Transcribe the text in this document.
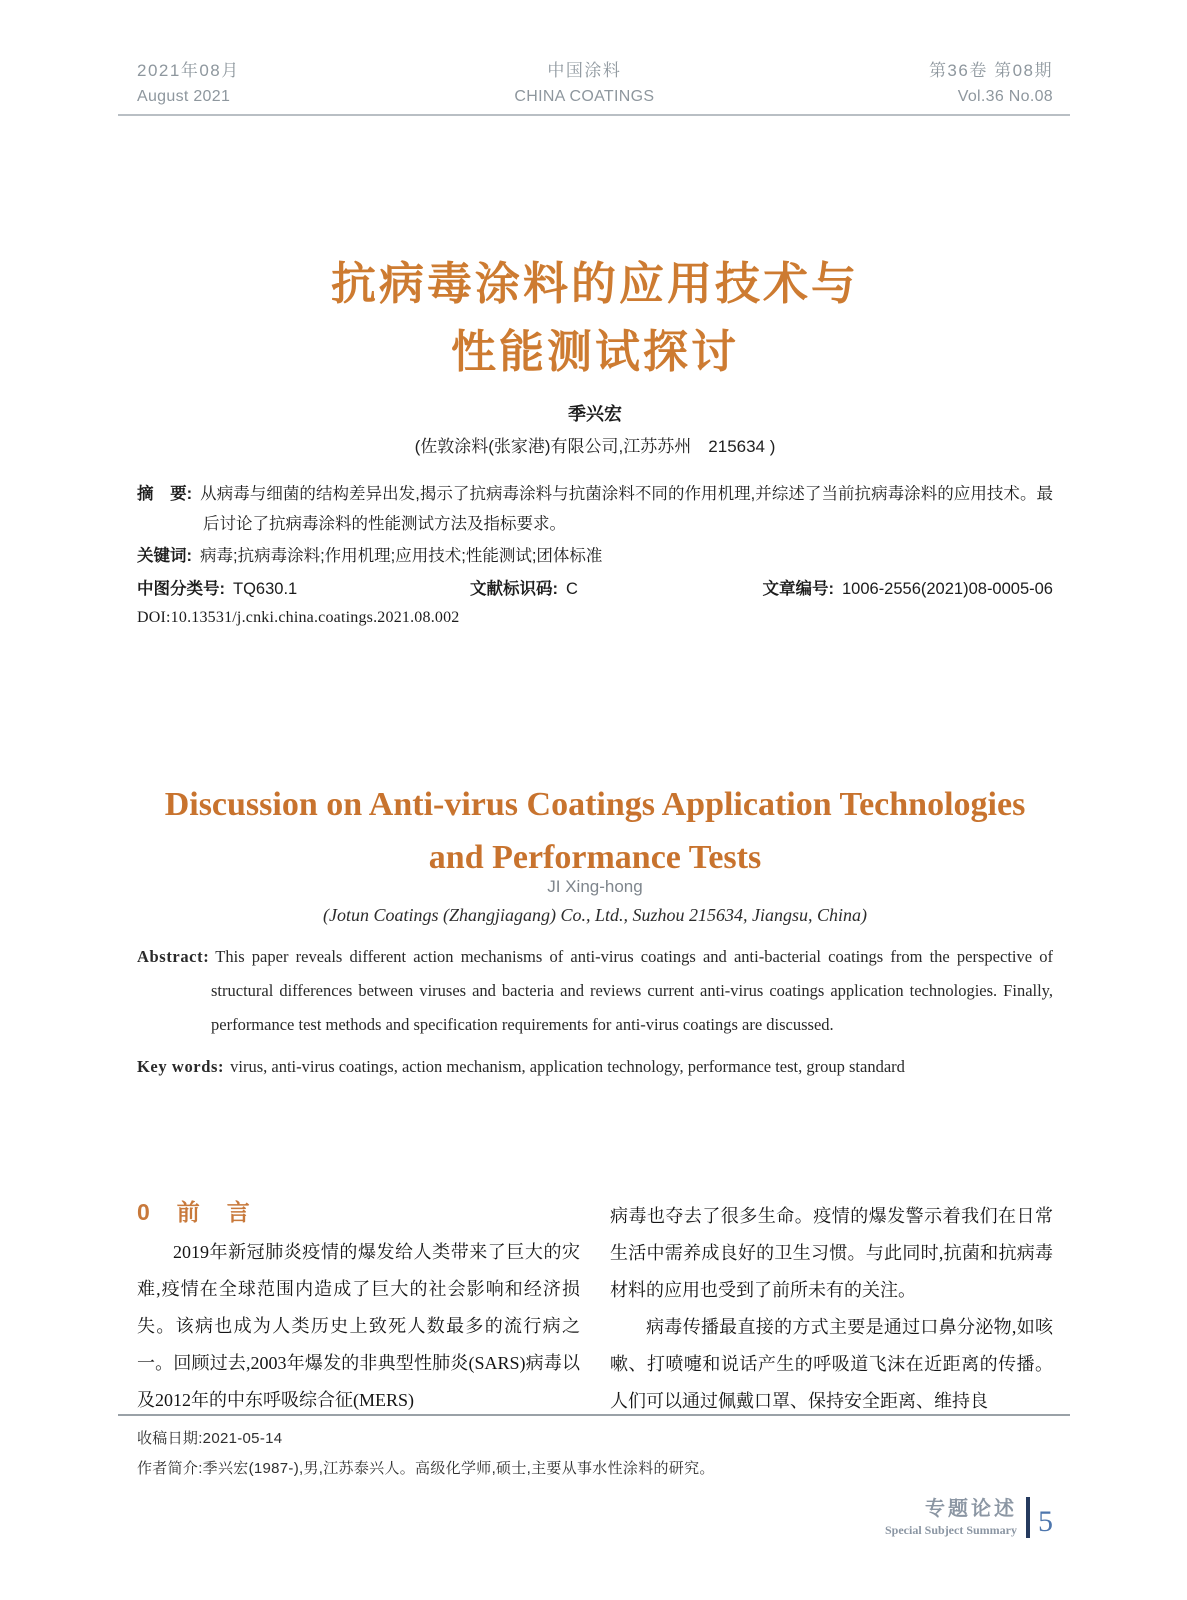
2021年08月
August 2021
中国涂料
CHINA COATINGS
第36卷 第08期
Vol.36 No.08
抗病毒涂料的应用技术与
性能测试探讨
季兴宏
(佐敦涂料(张家港)有限公司,江苏苏州　215634 )

摘　要: 从病毒与细菌的结构差异出发,揭示了抗病毒涂料与抗菌涂料不同的作用机理,并综述了当前抗病毒涂料的应用技术。最后讨论了抗病毒涂料的性能测试方法及指标要求。

关键词: 病毒;抗病毒涂料;作用机理;应用技术;性能测试;团体标准

中图分类号: TQ630.1	文献标识码: C	文章编号: 1006-2556(2021)08-0005-06
DOI:10.13531/j.cnki.china.coatings.2021.08.002
Discussion on Anti-virus Coatings Application Technologies
and Performance Tests
JI Xing-hong
(Jotun Coatings (Zhangjiagang) Co., Ltd., Suzhou 215634, Jiangsu, China)

Abstract: This paper reveals different action mechanisms of anti-virus coatings and anti-bacterial coatings from the perspective of structural differences between viruses and bacteria and reviews current anti-virus coatings application technologies. Finally, performance test methods and specification requirements for anti-virus coatings are discussed.

Key words: virus, anti-virus coatings, action mechanism, application technology, performance test, group standard

0　前　言

2019年新冠肺炎疫情的爆发给人类带来了巨大的灾难,疫情在全球范围内造成了巨大的社会影响和经济损失。该病也成为人类历史上致死人数最多的流行病之一。回顾过去,2003年爆发的非典型性肺炎(SARS)病毒以及2012年的中东呼吸综合征(MERS)

病毒也夺去了很多生命。疫情的爆发警示着我们在日常生活中需养成良好的卫生习惯。与此同时,抗菌和抗病毒材料的应用也受到了前所未有的关注。

病毒传播最直接的方式主要是通过口鼻分泌物,如咳嗽、打喷嚏和说话产生的呼吸道飞沫在近距离的传播。人们可以通过佩戴口罩、保持安全距离、维持良

收稿日期:2021-05-14
作者简介:季兴宏(1987-),男,江苏泰兴人。高级化学师,硕士,主要从事水性涂料的研究。
专题论述
Special Subject Summary 5
